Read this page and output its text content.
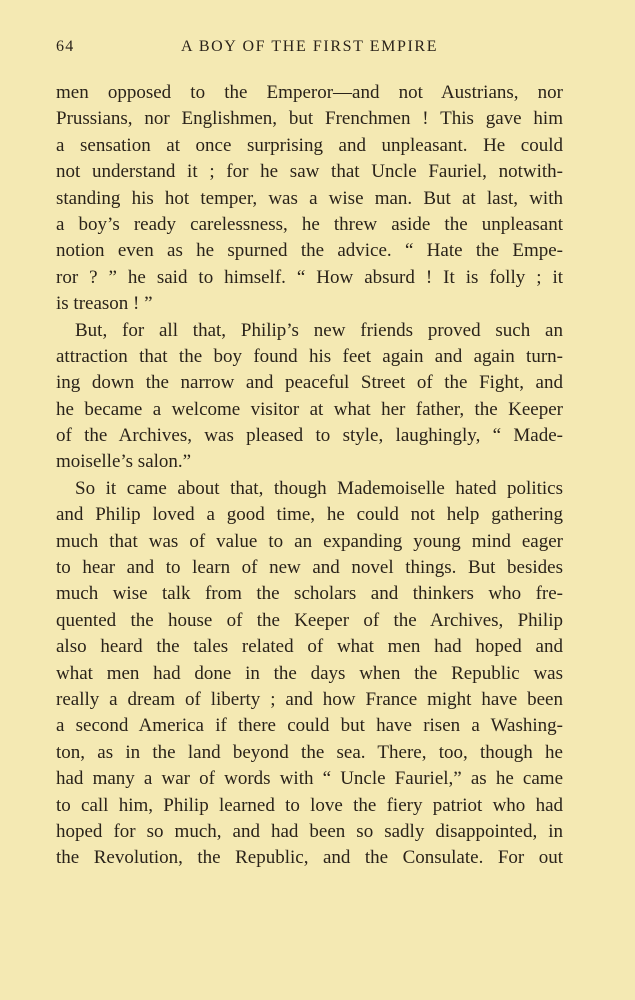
64	A BOY OF THE FIRST EMPIRE
men opposed to the Emperor—and not Austrians, nor
Prussians, nor Englishmen, but Frenchmen ! This gave him
a sensation at once surprising and unpleasant. He could
not understand it ; for he saw that Uncle Fauriel, notwith-
standing his hot temper, was a wise man. But at last, with
a boy’s ready carelessness, he threw aside the unpleasant
notion even as he spurned the advice. “ Hate the Empe-
ror ? ” he said to himself. “ How absurd ! It is folly ; it
is treason ! ”
But, for all that, Philip’s new friends proved such an
attraction that the boy found his feet again and again turn-
ing down the narrow and peaceful Street of the Fight, and
he became a welcome visitor at what her father, the Keeper
of the Archives, was pleased to style, laughingly, “ Made-
moiselle’s salon.”
So it came about that, though Mademoiselle hated politics
and Philip loved a good time, he could not help gathering
much that was of value to an expanding young mind eager
to hear and to learn of new and novel things. But besides
much wise talk from the scholars and thinkers who fre-
quented the house of the Keeper of the Archives, Philip
also heard the tales related of what men had hoped and
what men had done in the days when the Republic was
really a dream of liberty ; and how France might have been
a second America if there could but have risen a Washing-
ton, as in the land beyond the sea. There, too, though he
had many a war of words with “ Uncle Fauriel,” as he came
to call him, Philip learned to love the fiery patriot who had
hoped for so much, and had been so sadly disappointed, in
the Revolution, the Republic, and the Consulate. For out
